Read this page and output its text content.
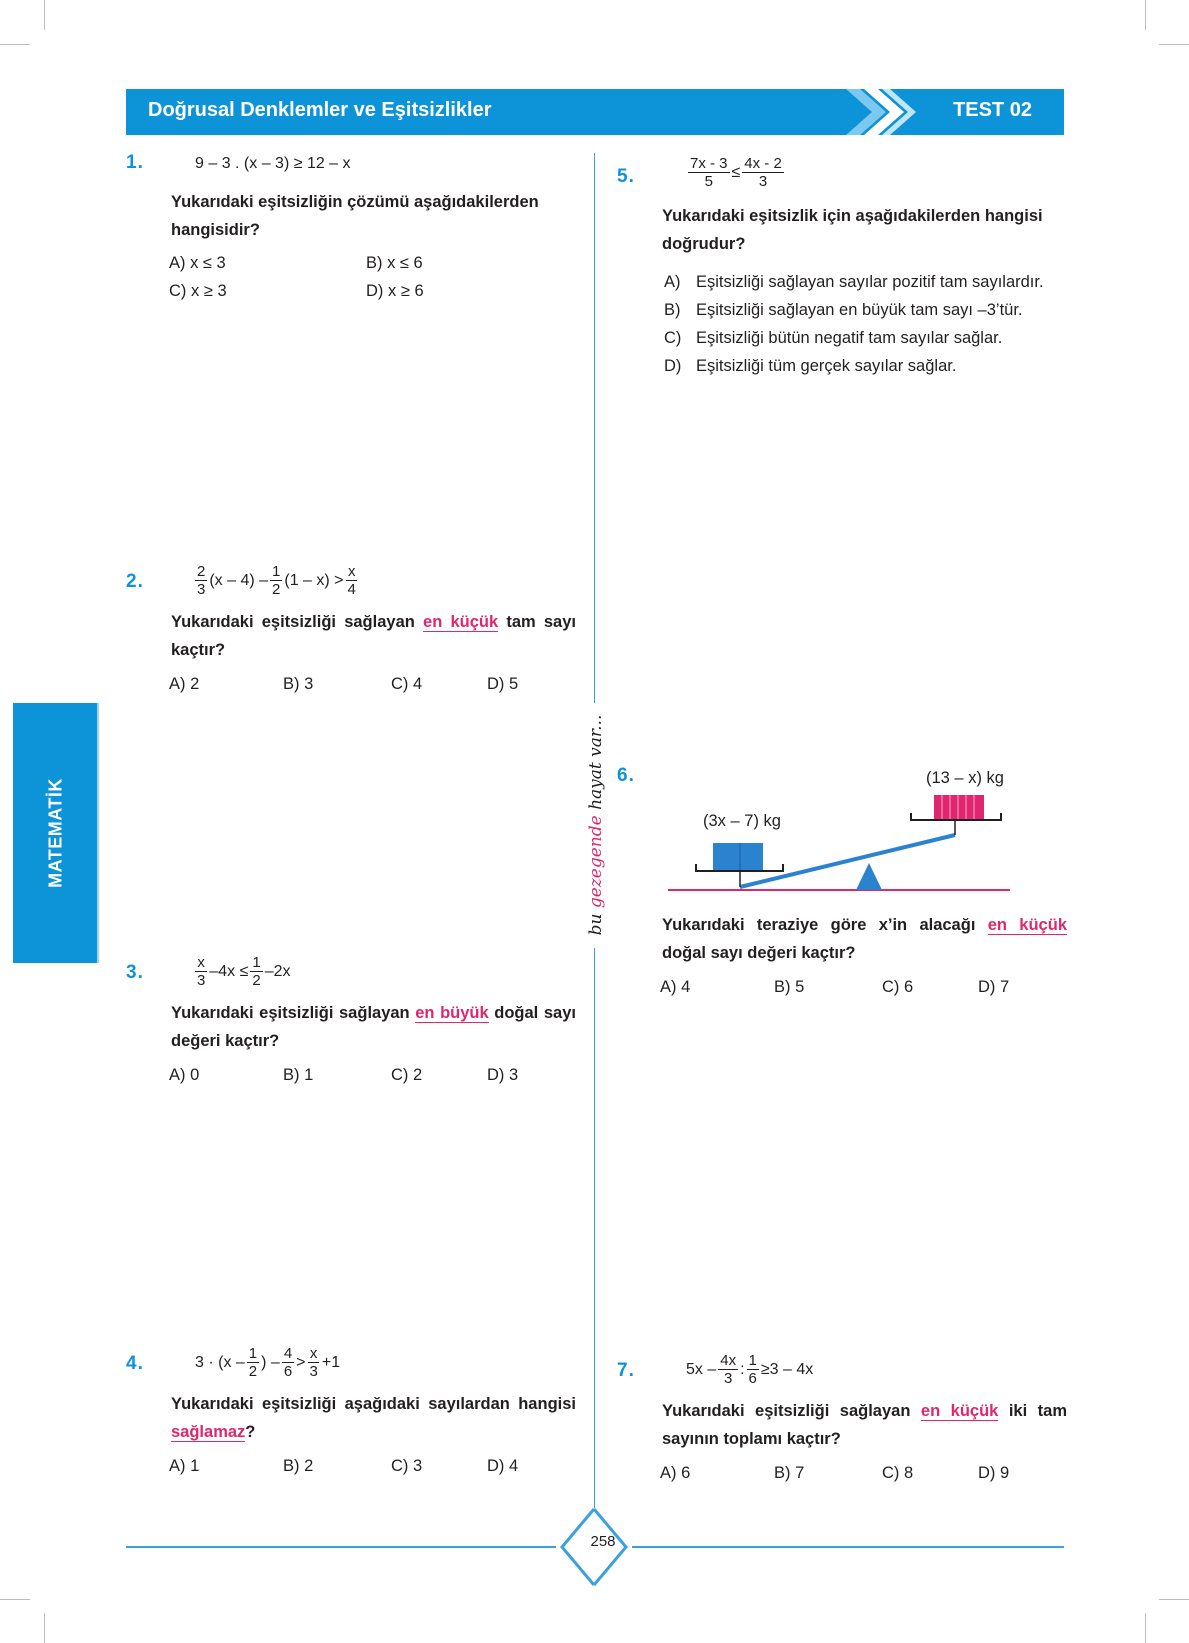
Doğrusal Denklemler ve Eşitsizlikler	TEST 02
MATEMATİK
bu gezegende hayat var...
1.	9 – 3 . (x – 3) ≥ 12 – x
Yukarıdaki eşitsizliğin çözümü aşağıdakilerden hangisidir?
A) x ≤ 3	B) x ≤ 6
C) x ≥ 3	D) x ≥ 6
2.	$\frac{2}{3} (x - 4) - \frac{1}{2} (1 - x) > \frac{x}{4}$
Yukarıdaki eşitsizliği sağlayan en küçük tam sayı kaçtır?
A) 2	B) 3	C) 4	D) 5
3.	$\frac{x}{3} -4x \le \frac{1}{2} -2x$
Yukarıdaki eşitsizliği sağlayan en büyük doğal sayı değeri kaçtır?
A) 0	B) 1	C) 2	D) 3
4.	$3 \cdot (x - \frac{1}{2}$ ) – $\frac{4}{6} > \frac{x}{3} +1$
Yukarıdaki eşitsizliği aşağıdaki sayılardan hangisi sağlamaz?
A) 1	B) 2	C) 3	D) 4
5.	$\frac{7x - 3}{5} \le \frac{4x - 2}{3}$
Yukarıdaki eşitsizlik için aşağıdakilerden hangisi doğrudur?
A) Eşitsizliği sağlayan sayılar pozitif tam sayılardır.
B) Eşitsizliği sağlayan en büyük tam sayı –3’tür.
C) Eşitsizliği bütün negatif tam sayılar sağlar.
D) Eşitsizliği tüm gerçek sayılar sağlar.
6.
(3x – 7) kg
(13 – x) kg
Yukarıdaki teraziye göre x’in alacağı en küçük doğal sayı değeri kaçtır?
A) 4	B) 5	C) 6	D) 7
7.	$5x - \frac{4x}{3}$ : $\frac{1}{6} \ge 3 - 4x$
Yukarıdaki eşitsizliği sağlayan en küçük iki tam sayının toplamı kaçtır?
A) 6	B) 7	C) 8	D) 9
258
